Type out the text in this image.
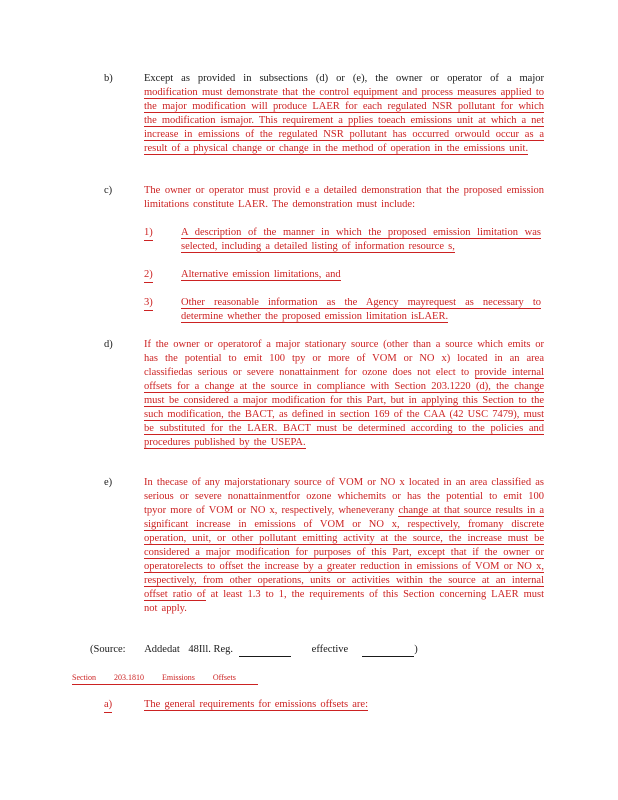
b)	Except as provided in subsections (d) or (e), the owner or operator of a major modification must demonstrate that the control equipment and process measures applied to the major modification will produce LAER for each regulated NSR pollutant for which the modification ismajor. This requirement a pplies toeach emissions unit at which a net increase in emissions of the regulated NSR pollutant has occurred orwould occur as a result of a physical change or change in the method of operation in the emissions unit.
c)	The owner or operator must provid e a detailed demonstration that the proposed emission limitations constitute LAER. The demonstration must include:
1)	A description of the manner in which the proposed emission limitation was selected, including a detailed listing of information resource s,
2)	Alternative emission limitations, and
3)	Other reasonable information as the Agency mayrequest as necessary to determine whether the proposed emission limitation isLAER.
d)	If the owner or operatorof a major stationary source (other than a source which emits or has the potential to emit 100 tpy or more of VOM or NO x) located in an area classifiedas serious or severe nonattainment for ozone does not elect to provide internal offsets for a change at the source in compliance with Section 203.1220 (d), the change must be considered a major modification for this Part, but in applying this Section to the such modification, the BACT, as defined in section 169 of the CAA (42 USC 7479), must be substituted for the LAER. BACT must be determined according to the policies and procedures published by the USEPA.
e)	In thecase of any majorstationary source of VOM or NO x located in an area classified as serious or severe nonattainmentfor ozone whichemits or has the potential to emit 100 tpyor more of VOM or NO x, respectively, wheneverany change at that source results in a significant increase in emissions of VOM or NO x, respectively, fromany discrete operation, unit, or other pollutant emitting activity at the source, the increase must be considered a major modification for purposes of this Part, except that if the owner or operatorelects to offset the increase by a greater reduction in emissions of VOM or NO x, respectively, from other operations, units or activities within the source at an internal offset ratio of at least 1.3 to 1, the requirements of this Section concerning LAER must not apply.
(Source: Addedat 48Ill. Reg.	effective	)
Section 203.1810 Emissions Offsets
a)	The general requirements for emissions offsets are:
